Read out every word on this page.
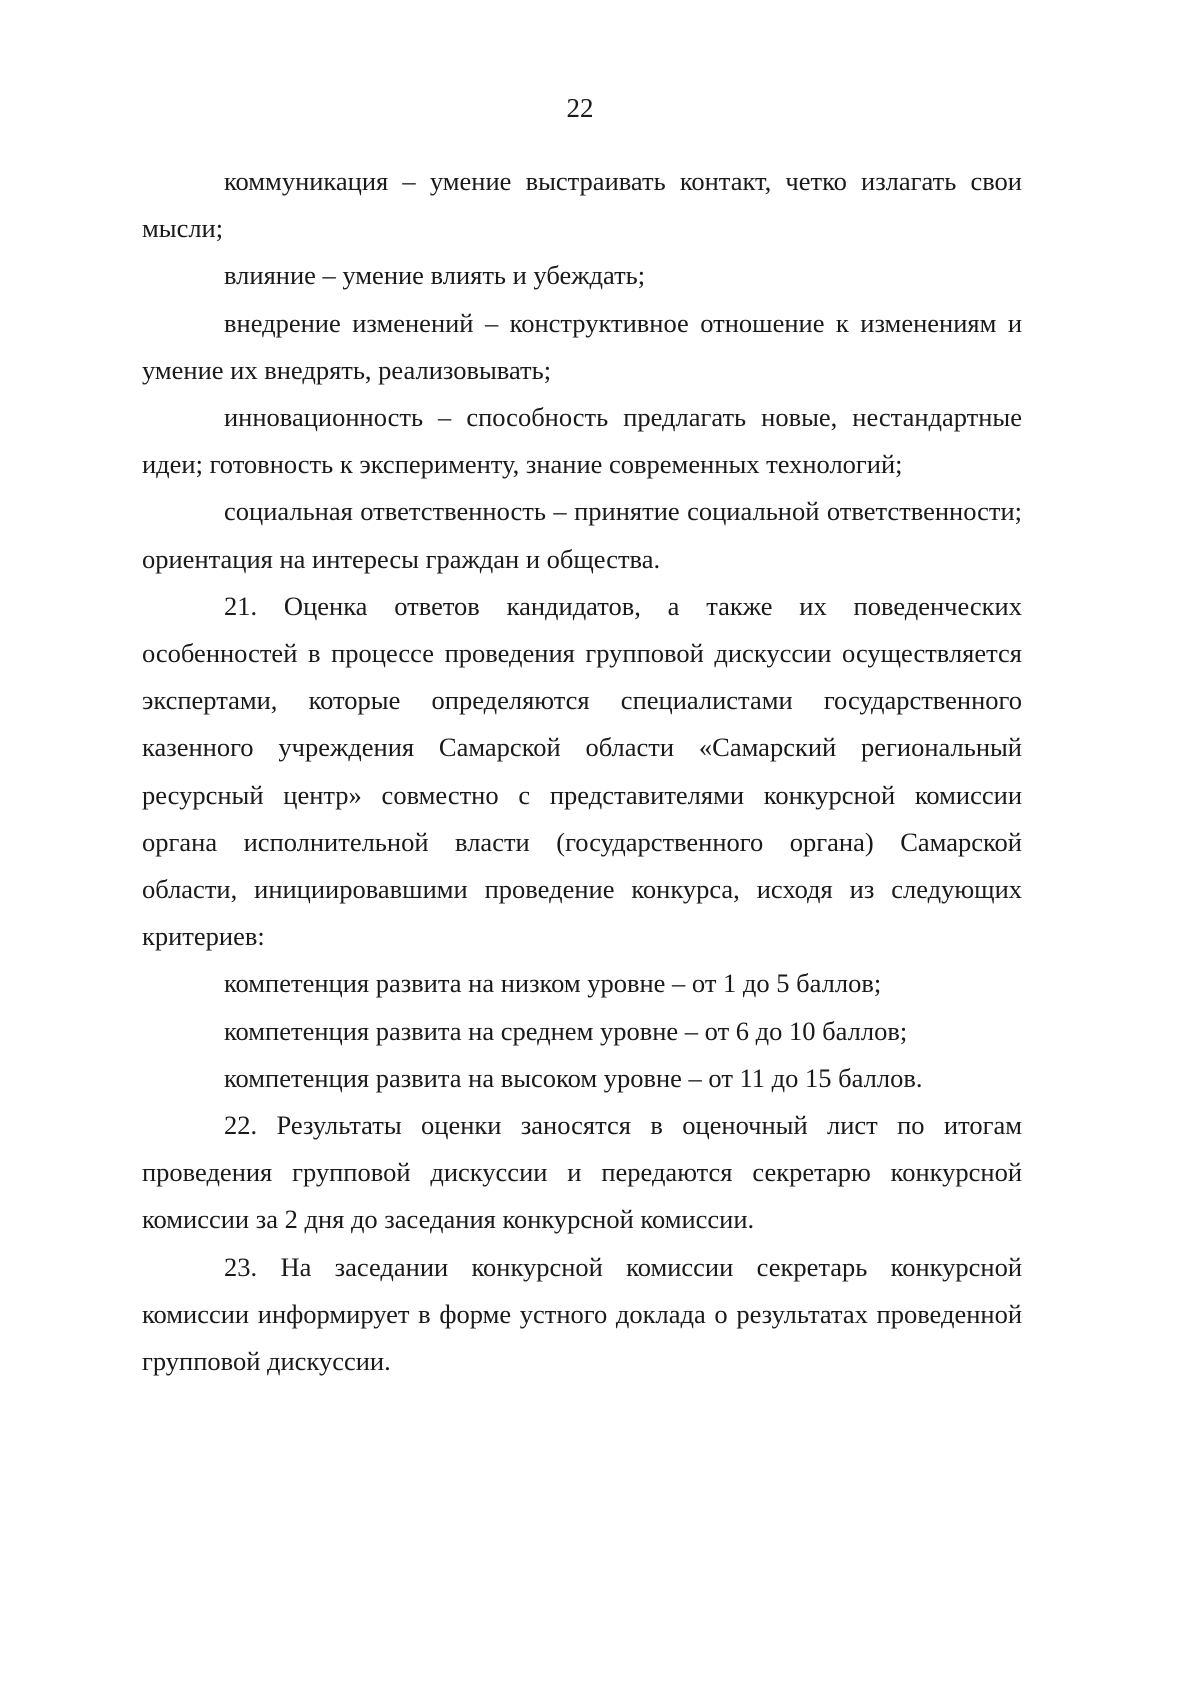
22

коммуникация – умение выстраивать контакт, четко излагать свои мысли;

влияние – умение влиять и убеждать;

внедрение изменений – конструктивное отношение к изменениям и умение их внедрять, реализовывать;

инновационность – способность предлагать новые, нестандартные идеи; готовность к эксперименту, знание современных технологий;

социальная ответственность – принятие социальной ответственности; ориентация на интересы граждан и общества.

21. Оценка ответов кандидатов, а также их поведенческих особенностей в процессе проведения групповой дискуссии осуществляется экспертами, которые определяются специалистами государственного казенного учреждения Самарской области «Самарский региональный ресурсный центр» совместно с представителями конкурсной комиссии органа исполнительной власти (государственного органа) Самарской области, инициировавшими проведение конкурса, исходя из следующих критериев:

компетенция развита на низком уровне – от 1 до 5 баллов;

компетенция развита на среднем уровне – от 6 до 10 баллов;

компетенция развита на высоком уровне – от 11 до 15 баллов.

22. Результаты оценки заносятся в оценочный лист по итогам проведения групповой дискуссии и передаются секретарю конкурсной комиссии за 2 дня до заседания конкурсной комиссии.

23. На заседании конкурсной комиссии секретарь конкурсной комиссии информирует в форме устного доклада о результатах проведенной групповой дискуссии.
